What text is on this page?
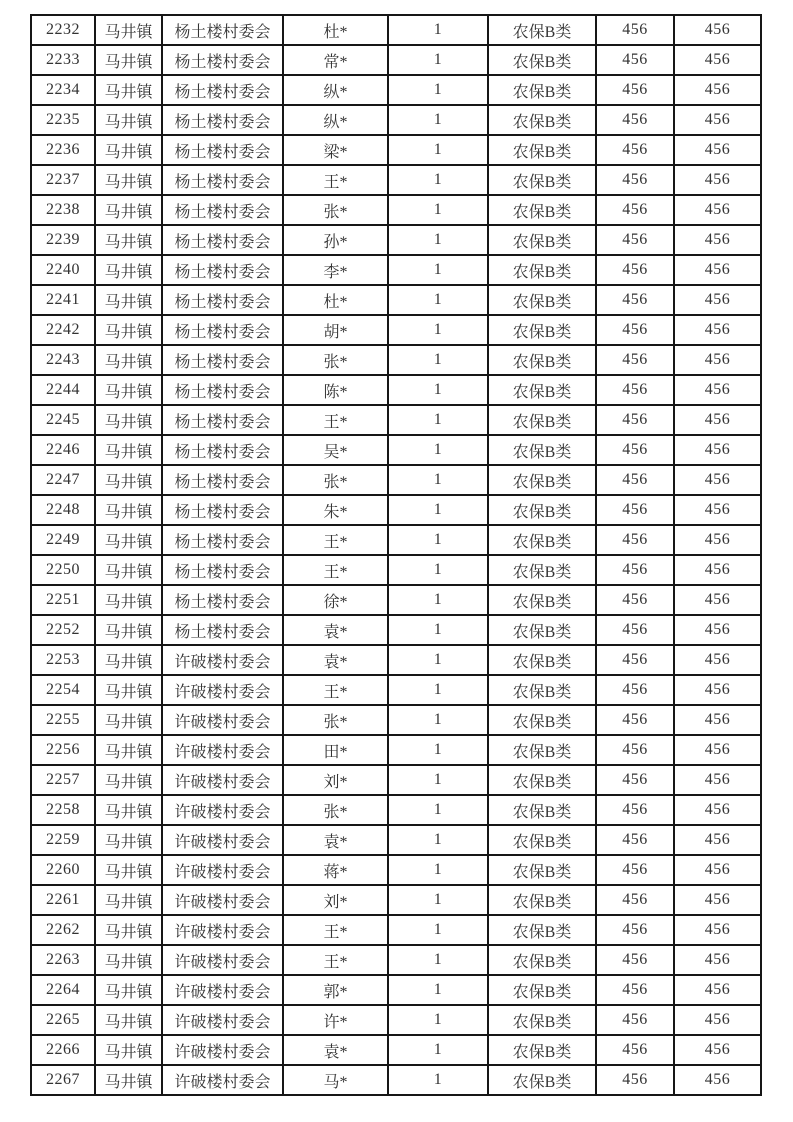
2232	马井镇	杨土楼村委会	杜*	1	农保B类	456	456
2233	马井镇	杨土楼村委会	常*	1	农保B类	456	456
2234	马井镇	杨土楼村委会	纵*	1	农保B类	456	456
2235	马井镇	杨土楼村委会	纵*	1	农保B类	456	456
2236	马井镇	杨土楼村委会	梁*	1	农保B类	456	456
2237	马井镇	杨土楼村委会	王*	1	农保B类	456	456
2238	马井镇	杨土楼村委会	张*	1	农保B类	456	456
2239	马井镇	杨土楼村委会	孙*	1	农保B类	456	456
2240	马井镇	杨土楼村委会	李*	1	农保B类	456	456
2241	马井镇	杨土楼村委会	杜*	1	农保B类	456	456
2242	马井镇	杨土楼村委会	胡*	1	农保B类	456	456
2243	马井镇	杨土楼村委会	张*	1	农保B类	456	456
2244	马井镇	杨土楼村委会	陈*	1	农保B类	456	456
2245	马井镇	杨土楼村委会	王*	1	农保B类	456	456
2246	马井镇	杨土楼村委会	吴*	1	农保B类	456	456
2247	马井镇	杨土楼村委会	张*	1	农保B类	456	456
2248	马井镇	杨土楼村委会	朱*	1	农保B类	456	456
2249	马井镇	杨土楼村委会	王*	1	农保B类	456	456
2250	马井镇	杨土楼村委会	王*	1	农保B类	456	456
2251	马井镇	杨土楼村委会	徐*	1	农保B类	456	456
2252	马井镇	杨土楼村委会	袁*	1	农保B类	456	456
2253	马井镇	许破楼村委会	袁*	1	农保B类	456	456
2254	马井镇	许破楼村委会	王*	1	农保B类	456	456
2255	马井镇	许破楼村委会	张*	1	农保B类	456	456
2256	马井镇	许破楼村委会	田*	1	农保B类	456	456
2257	马井镇	许破楼村委会	刘*	1	农保B类	456	456
2258	马井镇	许破楼村委会	张*	1	农保B类	456	456
2259	马井镇	许破楼村委会	袁*	1	农保B类	456	456
2260	马井镇	许破楼村委会	蒋*	1	农保B类	456	456
2261	马井镇	许破楼村委会	刘*	1	农保B类	456	456
2262	马井镇	许破楼村委会	王*	1	农保B类	456	456
2263	马井镇	许破楼村委会	王*	1	农保B类	456	456
2264	马井镇	许破楼村委会	郭*	1	农保B类	456	456
2265	马井镇	许破楼村委会	许*	1	农保B类	456	456
2266	马井镇	许破楼村委会	袁*	1	农保B类	456	456
2267	马井镇	许破楼村委会	马*	1	农保B类	456	456
